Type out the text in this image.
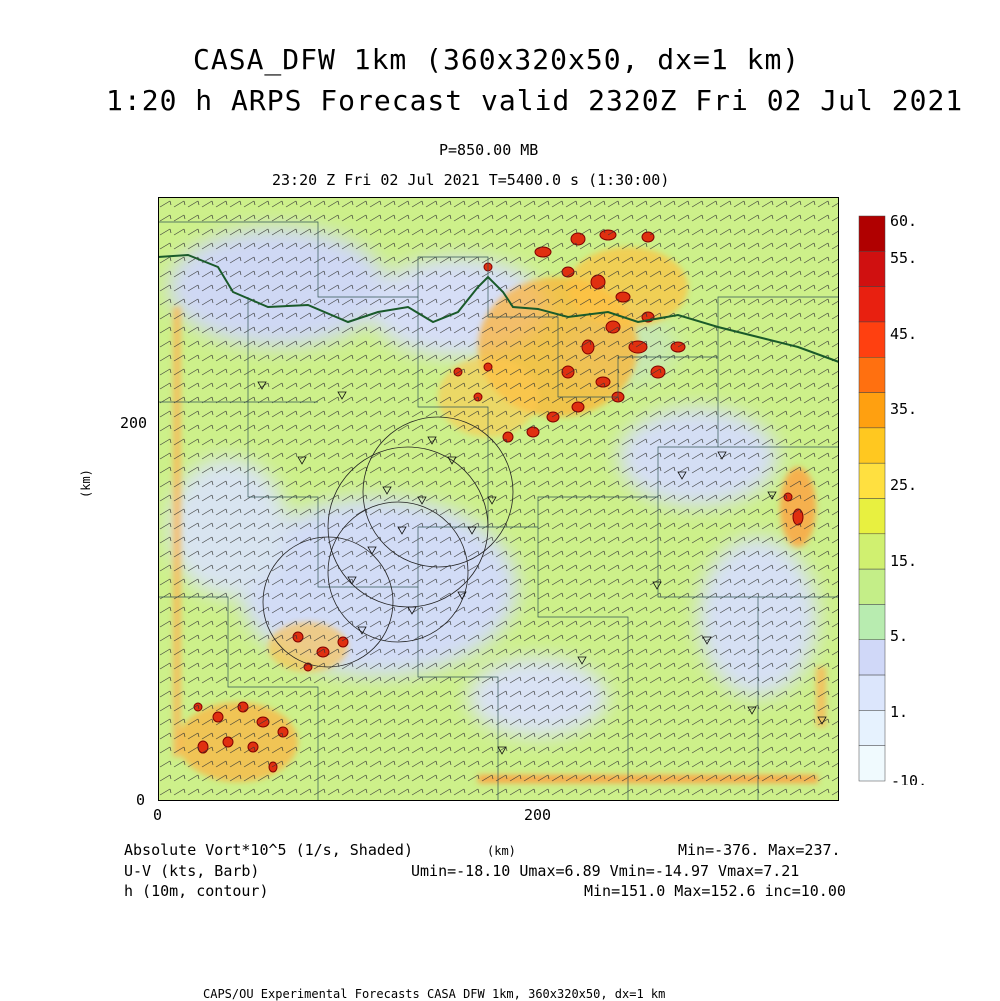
CASA_DFW 1km (360x320x50, dx=1 km)
1:20 h ARPS Forecast valid 2320Z Fri 02 Jul 2021
P=850.00 MB
23:20 Z Fri 02 Jul 2021 T=5400.0 s (1:30:00)
(km)
200
0
0	200
60.
55.
45.
35.
25.
15.
5.
1.
-10.
Absolute Vort*10^5 (1/s, Shaded)
U-V (kts, Barb)
h (10m, contour)
(km)	Min=-376. Max=237.
Umin=-18.10 Umax=6.89 Vmin=-14.97 Vmax=7.21
Min=151.0 Max=152.6 inc=10.00
CAPS/OU Experimental Forecasts CASA DFW 1km, 360x320x50, dx=1 km
